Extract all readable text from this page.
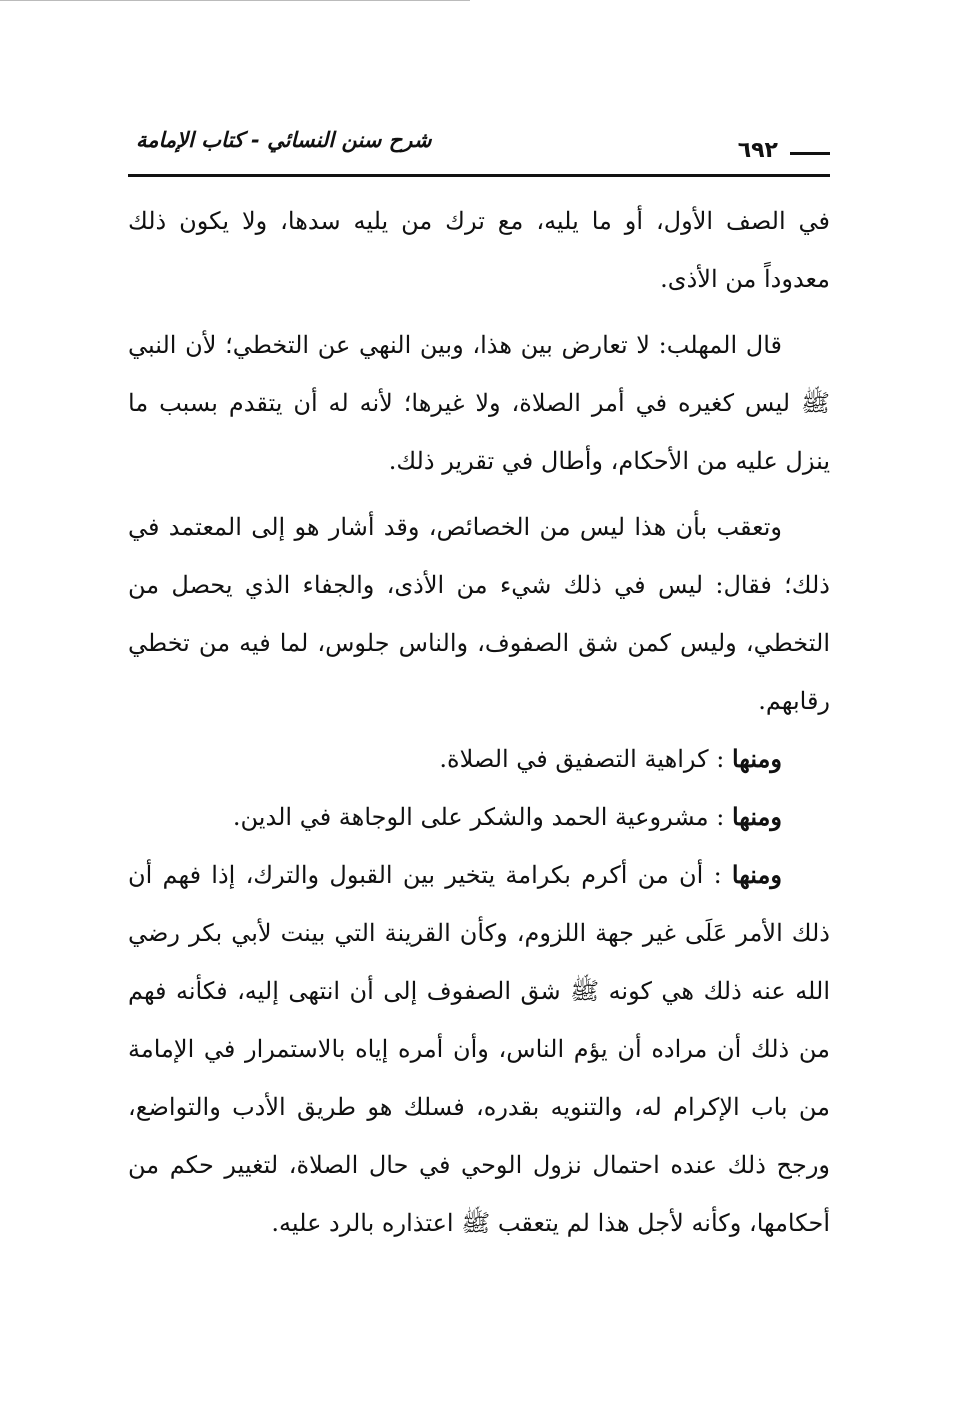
شرح سنن النسائي - كتاب الإمامة	٦٩٢

في الصف الأول، أو ما يليه، مع ترك من يليه سدها، ولا يكون ذلك معدوداً من الأذى.

قال المهلب: لا تعارض بين هذا، وبين النهي عن التخطي؛ لأن النبي ﷺ ليس كغيره في أمر الصلاة، ولا غيرها؛ لأنه له أن يتقدم بسبب ما ينزل عليه من الأحكام، وأطال في تقرير ذلك.

وتعقب بأن هذا ليس من الخصائص، وقد أشار هو إلى المعتمد في ذلك؛ فقال: ليس في ذلك شيء من الأذى، والجفاء الذي يحصل من التخطي، وليس كمن شق الصفوف، والناس جلوس، لما فيه من تخطي رقابهم.

ومنها : كراهية التصفيق في الصلاة.

ومنها : مشروعية الحمد والشكر على الوجاهة في الدين.

ومنها : أن من أكرم بكرامة يتخير بين القبول والترك، إذا فهم أن ذلك الأمر عَلَى غير جهة اللزوم، وكأن القرينة التي بينت لأبي بكر رضي الله عنه ذلك هي كونه ﷺ شق الصفوف إلى أن انتهى إليه، فكأنه فهم من ذلك أن مراده أن يؤم الناس، وأن أمره إياه بالاستمرار في الإمامة من باب الإكرام له، والتنويه بقدره، فسلك هو طريق الأدب والتواضع، ورجح ذلك عنده احتمال نزول الوحي في حال الصلاة، لتغيير حكم من أحكامها، وكأنه لأجل هذا لم يتعقب ﷺ اعتذاره بالرد عليه.
